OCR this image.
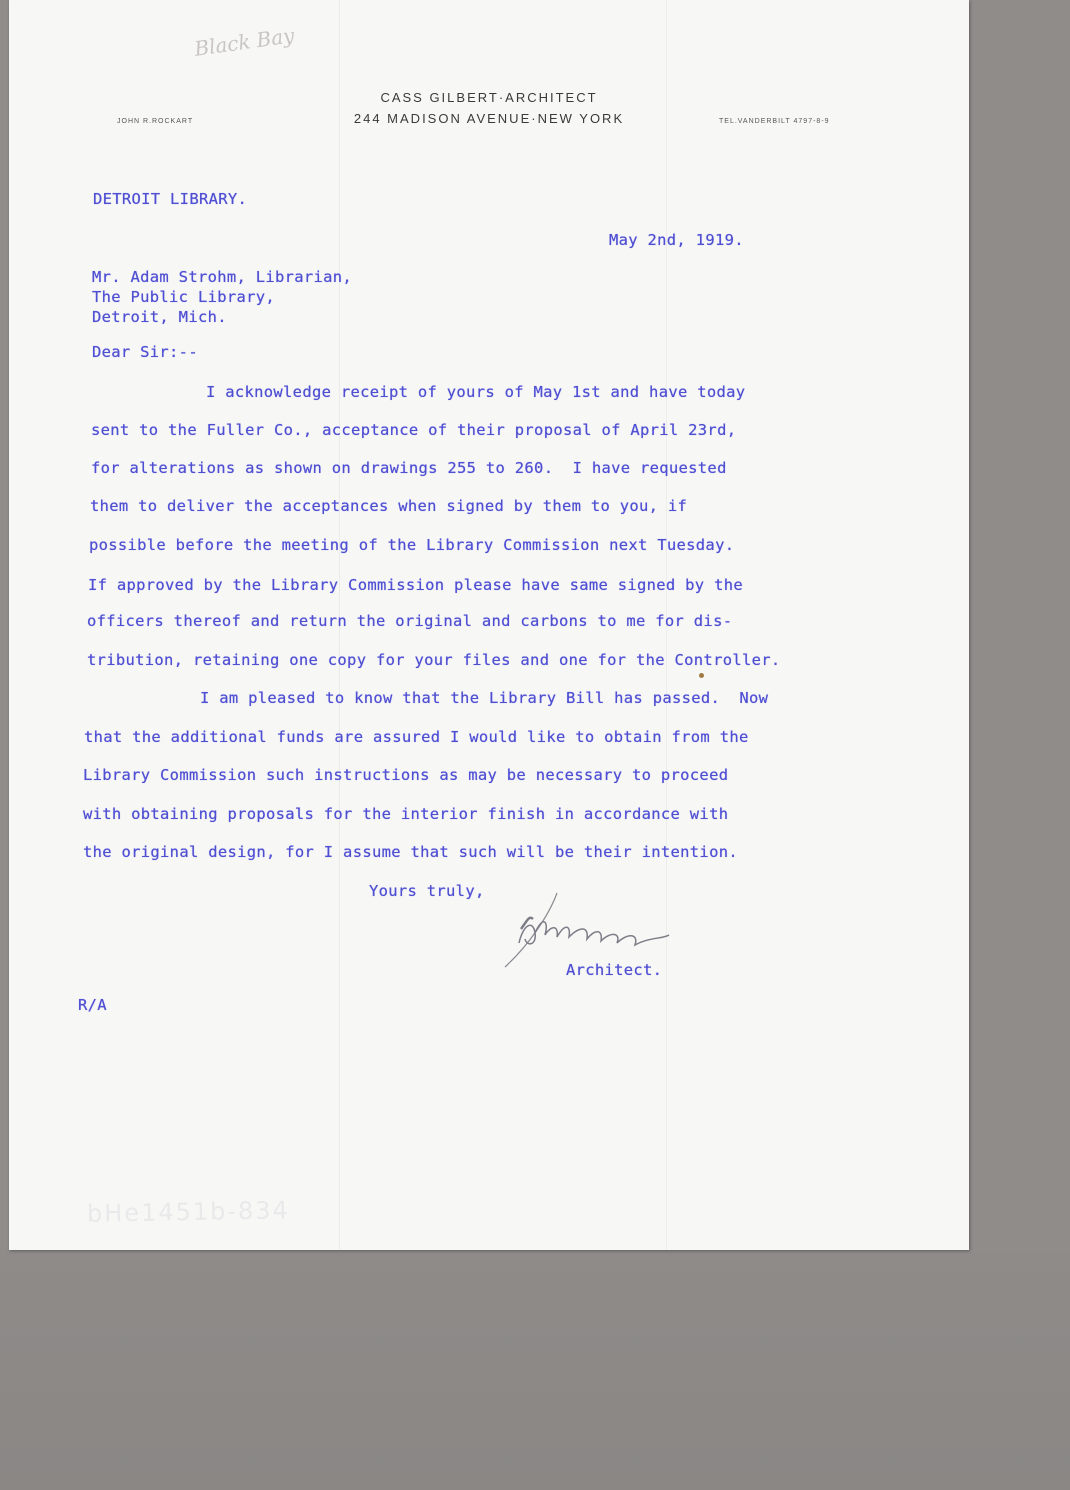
Black Bay
CASS GILBERT·ARCHITECT
244 MADISON AVENUE·NEW YORK
JOHN R.ROCKART	TEL.VANDERBILT 4797-8-9
DETROIT LIBRARY.
May 2nd, 1919.
Mr. Adam Strohm, Librarian,
The Public Library,
Detroit, Mich.
Dear Sir:--
I acknowledge receipt of yours of May 1st and have today
sent to the Fuller Co., acceptance of their proposal of April 23rd,
for alterations as shown on drawings 255 to 260.  I have requested
them to deliver the acceptances when signed by them to you, if
possible before the meeting of the Library Commission next Tuesday.
If approved by the Library Commission please have same signed by the
officers thereof and return the original and carbons to me for dis-
tribution, retaining one copy for your files and one for the Controller.
I am pleased to know that the Library Bill has passed.  Now
that the additional funds are assured I would like to obtain from the
Library Commission such instructions as may be necessary to proceed
with obtaining proposals for the interior finish in accordance with
the original design, for I assume that such will be their intention.
Yours truly,
Architect.
R/A
bHe1451b-834
